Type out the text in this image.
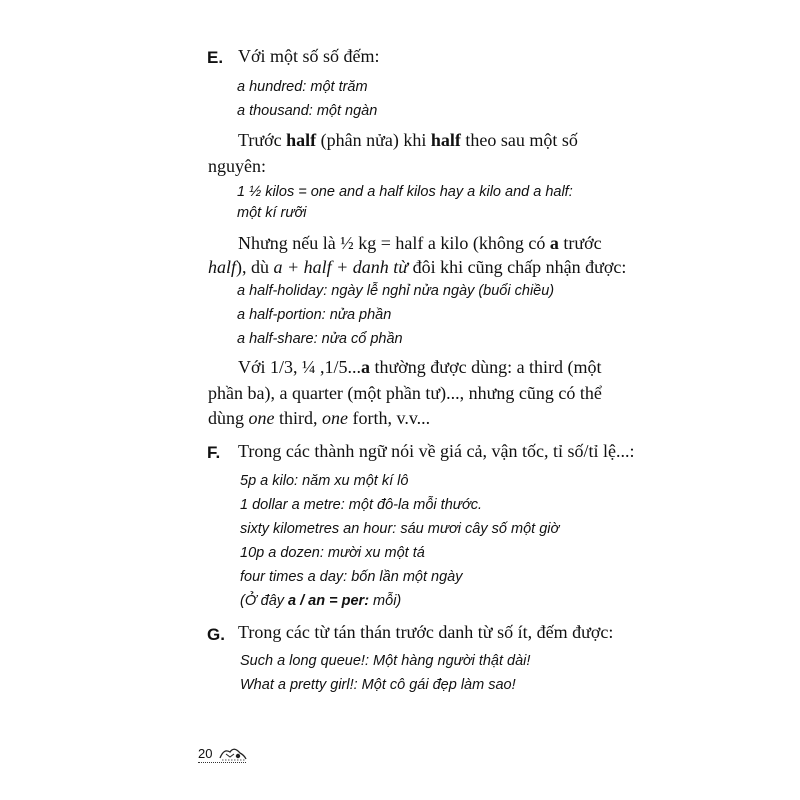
E. Với một số số đếm:
a hundred: một trăm
a thousand: một ngàn
Trước half (phân nửa) khi half theo sau một số
nguyên:
1 ½ kilos = one and a half kilos hay a kilo and a half:
một kí rưỡi
Nhưng nếu là ½ kg = half a kilo (không có a trước
half), dù a + half + danh từ đôi khi cũng chấp nhận được:
a half-holiday: ngày lễ nghỉ nửa ngày (buổi chiều)
a half-portion: nửa phần
a half-share: nửa cổ phần
Với 1/3, ¼ ,1/5...a thường được dùng: a third (một
phần ba), a quarter (một phần tư)..., nhưng cũng có thể
dùng one third, one forth, v.v...
F. Trong các thành ngữ nói về giá cả, vận tốc, tỉ số/tỉ lệ...:
5p a kilo: năm xu một kí lô
1 dollar a metre: một đô-la mỗi thước.
sixty kilometres an hour: sáu mươi cây số một giờ
10p a dozen: mười xu một tá
four times a day: bốn lần một ngày
(Ở đây a / an = per: mỗi)
G. Trong các từ tán thán trước danh từ số ít, đếm được:
Such a long queue!: Một hàng người thật dài!
What a pretty girl!: Một cô gái đẹp làm sao!
20
